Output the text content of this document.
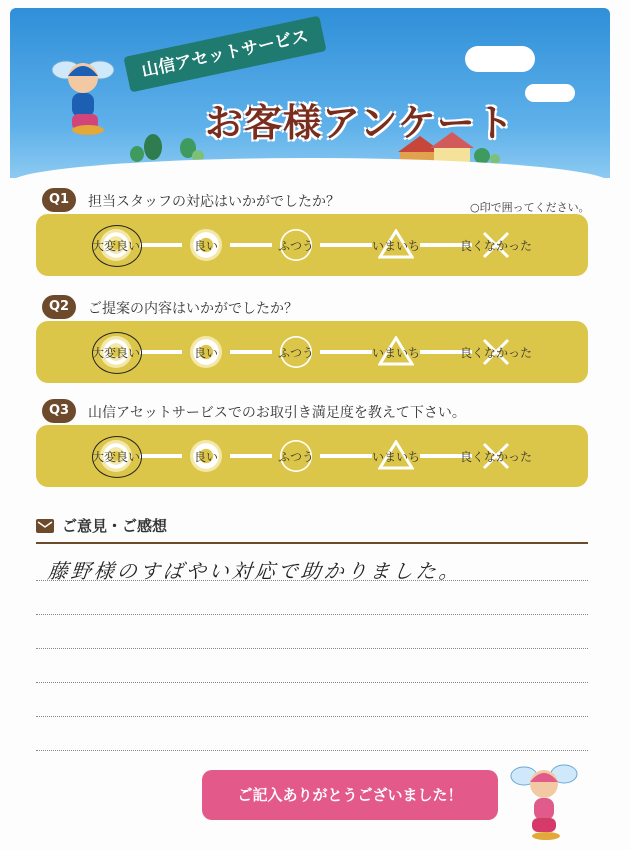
山信アセットサービス
お客様アンケート
○印で囲ってください。
Q1	担当スタッフの対応はいかがでしたか？
大変良い	良い	ふつう	いまいち	良くなかった
Q2	ご提案の内容はいかがでしたか？
大変良い	良い	ふつう	いまいち	良くなかった
Q3	山信アセットサービスでのお取引き満足度を教えて下さい。
大変良い	良い	ふつう	いまいち	良くなかった
ご意見・ご感想
藤野様のすばやい対応で助かりました。
ご記入ありがとうございました！
